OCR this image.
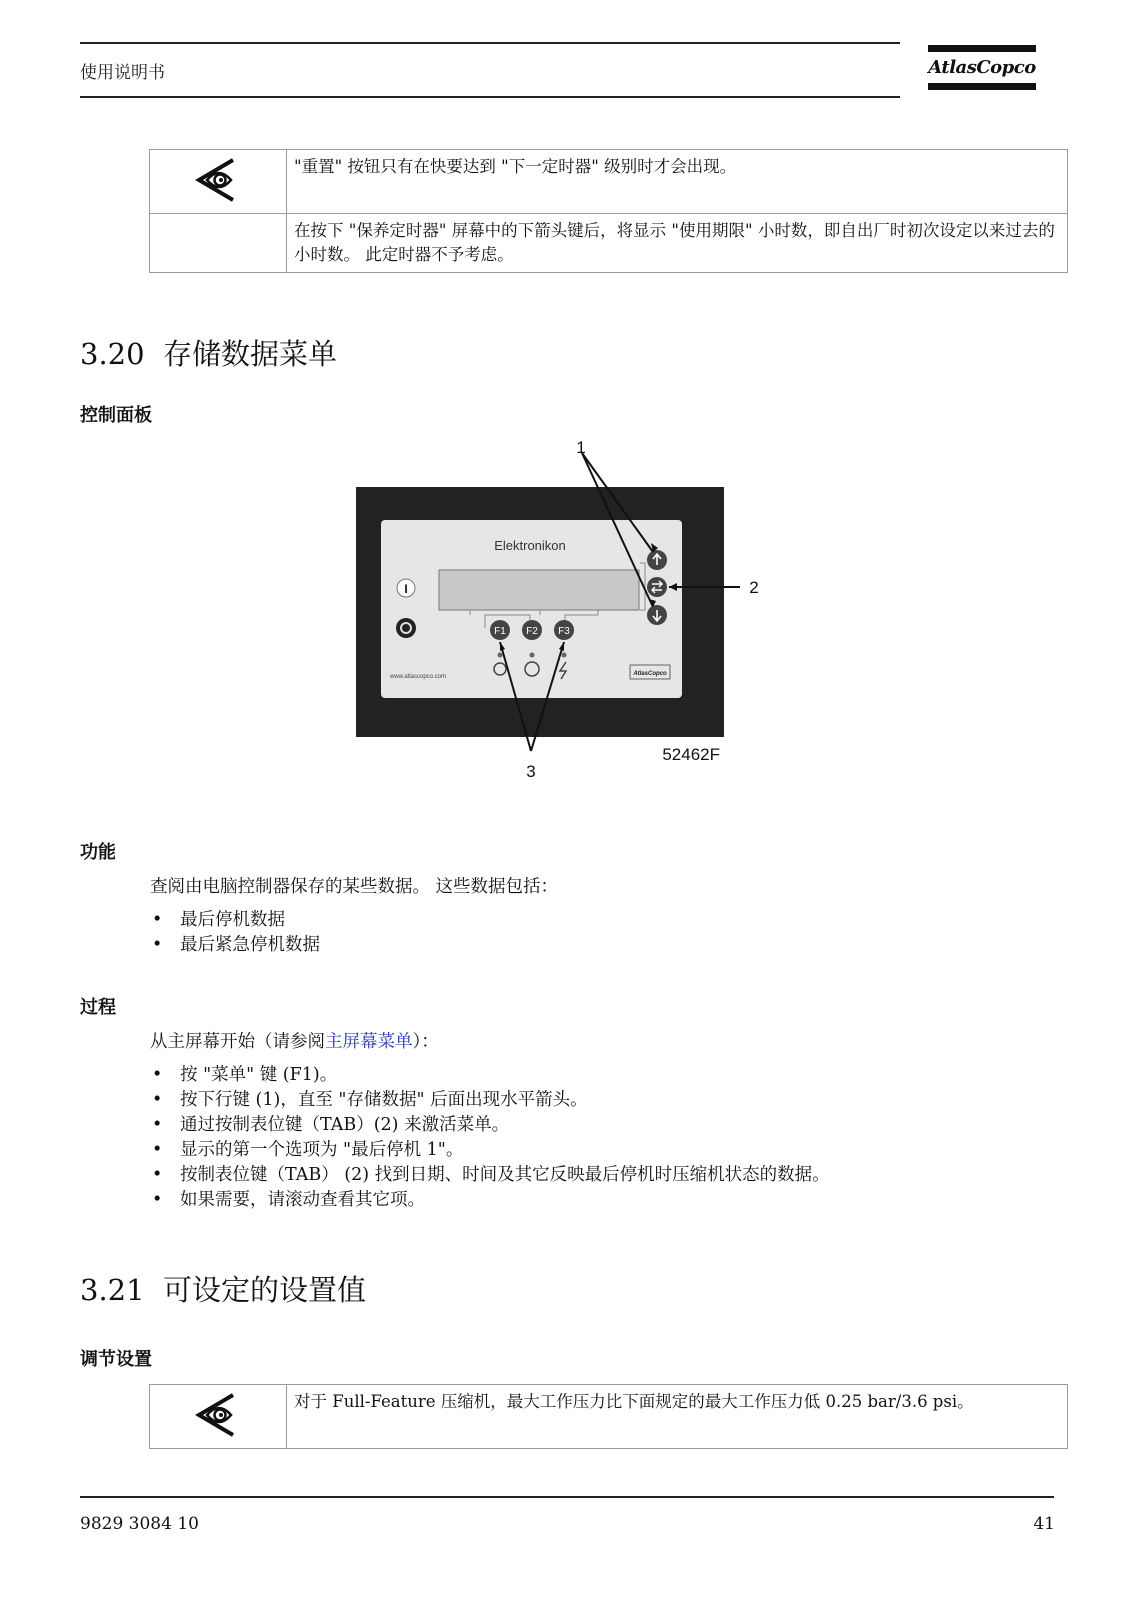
使用说明书	AtlasCopco
	"重置" 按钮只有在快要达到 "下一定时器" 级别时才会出现。
	在按下 "保养定时器" 屏幕中的下箭头键后，将显示 "使用期限" 小时数，即自出厂时初次设定以来过去的小时数。 此定时器不予考虑。
3.20  存储数据菜单
控制面板
Elektronikon
I
F1 F2 F3
www.atlascopco.com	AtlasCopco
1
2
3
52462F
功能
查阅由电脑控制器保存的某些数据。 这些数据包括：
• 最后停机数据
• 最后紧急停机数据
过程
从主屏幕开始（请参阅主屏幕菜单）：
• 按 "菜单" 键 (F1)。
• 按下行键 (1)，直至 "存储数据" 后面出现水平箭头。
• 通过按制表位键（TAB）(2) 来激活菜单。
• 显示的第一个选项为 "最后停机 1"。
• 按制表位键（TAB） (2) 找到日期、时间及其它反映最后停机时压缩机状态的数据。
• 如果需要，请滚动查看其它项。
3.21  可设定的设置值
调节设置
	对于 Full-Feature 压缩机，最大工作压力比下面规定的最大工作压力低 0.25 bar/3.6 psi。
9829 3084 10	41
